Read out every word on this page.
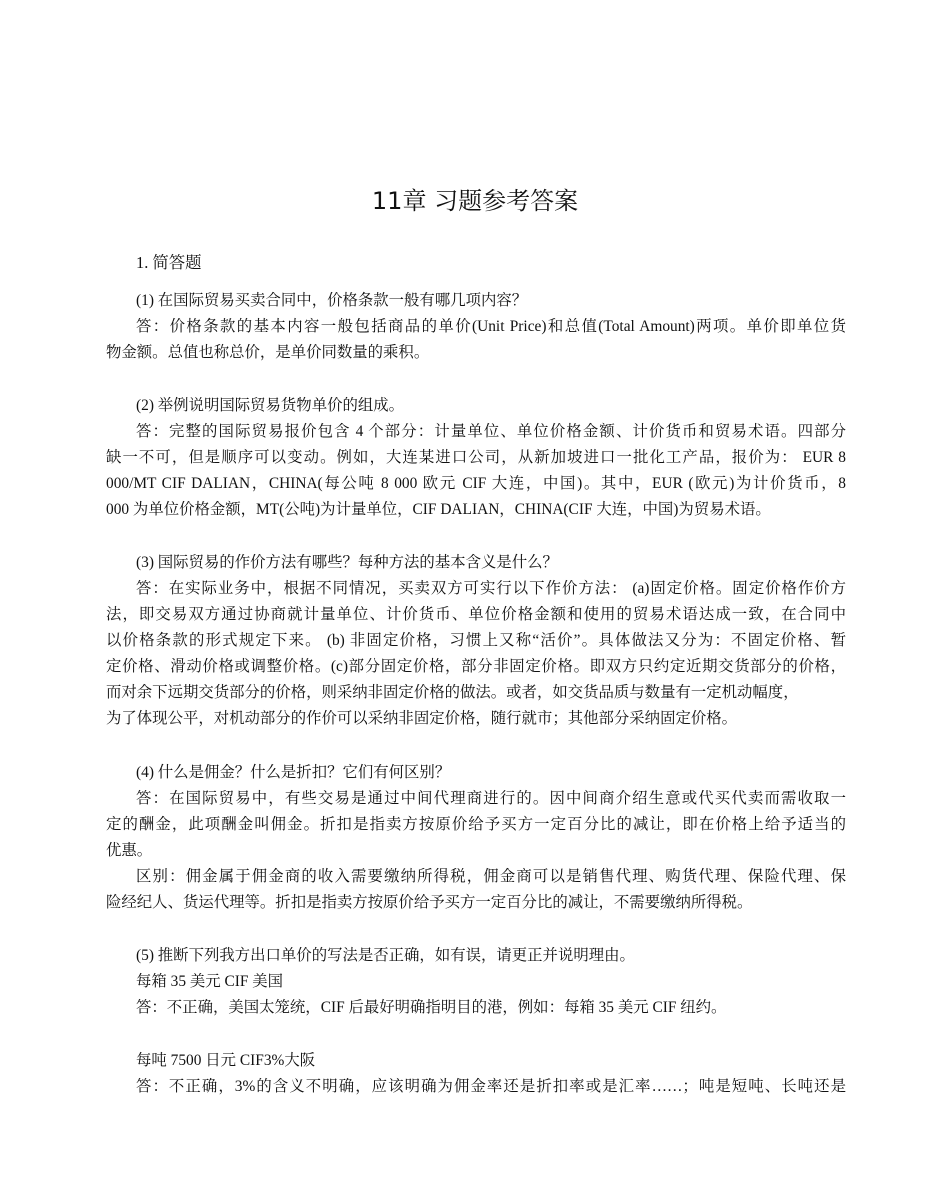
11章 习题参考答案
1. 简答题
(1) 在国际贸易买卖合同中，价格条款一般有哪几项内容？
答：价格条款的基本内容一般包括商品的单价(Unit Price)和总值(Total Amount)两项。单价即单位货
物金额。总值也称总价，是单价同数量的乘积。
(2) 举例说明国际贸易货物单价的组成。
答：完整的国际贸易报价包含 4 个部分：计量单位、单位价格金额、计价货币和贸易术语。四部分
缺一不可，但是顺序可以变动。例如，大连某进口公司，从新加坡进口一批化工产品，报价为： EUR 8
000/MT CIF DALIAN，CHINA(每公吨 8 000 欧元 CIF 大连，中国)。其中，EUR (欧元)为计价货币，8
000 为单位价格金额，MT(公吨)为计量单位，CIF DALIAN，CHINA(CIF 大连，中国)为贸易术语。
(3) 国际贸易的作价方法有哪些？每种方法的基本含义是什么？
答：在实际业务中，根据不同情况，买卖双方可实行以下作价方法： (a)固定价格。固定价格作价方
法，即交易双方通过协商就计量单位、计价货币、单位价格金额和使用的贸易术语达成一致，在合同中
以价格条款的形式规定下来。 (b) 非固定价格，习惯上又称“活价”。具体做法又分为：不固定价格、暂
定价格、滑动价格或调整价格。(c)部分固定价格，部分非固定价格。即双方只约定近期交货部分的价格，
而对余下远期交货部分的价格，则采纳非固定价格的做法。或者，如交货品质与数量有一定机动幅度，
为了体现公平，对机动部分的作价可以采纳非固定价格，随行就市；其他部分采纳固定价格。
(4) 什么是佣金？什么是折扣？它们有何区别？
答：在国际贸易中，有些交易是通过中间代理商进行的。因中间商介绍生意或代买代卖而需收取一
定的酬金，此项酬金叫佣金。折扣是指卖方按原价给予买方一定百分比的减让，即在价格上给予适当的
优惠。
区别：佣金属于佣金商的收入需要缴纳所得税，佣金商可以是销售代理、购货代理、保险代理、保
险经纪人、货运代理等。折扣是指卖方按原价给予买方一定百分比的减让，不需要缴纳所得税。
(5) 推断下列我方出口单价的写法是否正确，如有误，请更正并说明理由。
每箱 35 美元 CIF 美国
答：不正确，美国太笼统，CIF 后最好明确指明目的港，例如：每箱 35 美元 CIF 纽约。
每吨 7500 日元 CIF3%大阪
答：不正确，3%的含义不明确，应该明确为佣金率还是折扣率或是汇率……；吨是短吨、长吨还是
